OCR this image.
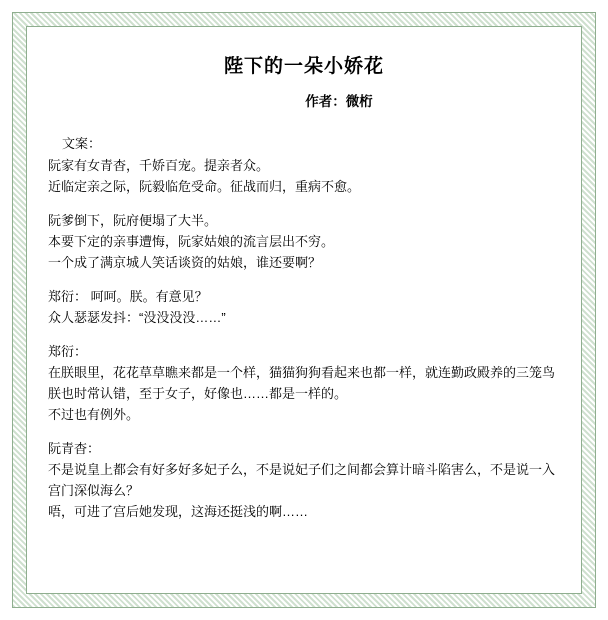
陛下的一朵小娇花
作者：微桁
文案：
阮家有女青杳，千娇百宠。提亲者众。
近临定亲之际，阮毅临危受命。征战而归，重病不愈。
阮爹倒下，阮府便塌了大半。
本要下定的亲事遭悔，阮家姑娘的流言层出不穷。
一个成了满京城人笑话谈资的姑娘，谁还要啊？
郑衍： 呵呵。朕。有意见？
众人瑟瑟发抖：“没没没没……”
郑衍：
在朕眼里，花花草草瞧来都是一个样，猫猫狗狗看起来也都一样，就连勤政殿养的三笼鸟朕也时常认错，至于女子，好像也……都是一样的。
不过也有例外。
阮青杳：
不是说皇上都会有好多好多妃子么，不是说妃子们之间都会算计暗斗陷害么，不是说一入宫门深似海么？
唔，可进了宫后她发现，这海还挺浅的啊……
